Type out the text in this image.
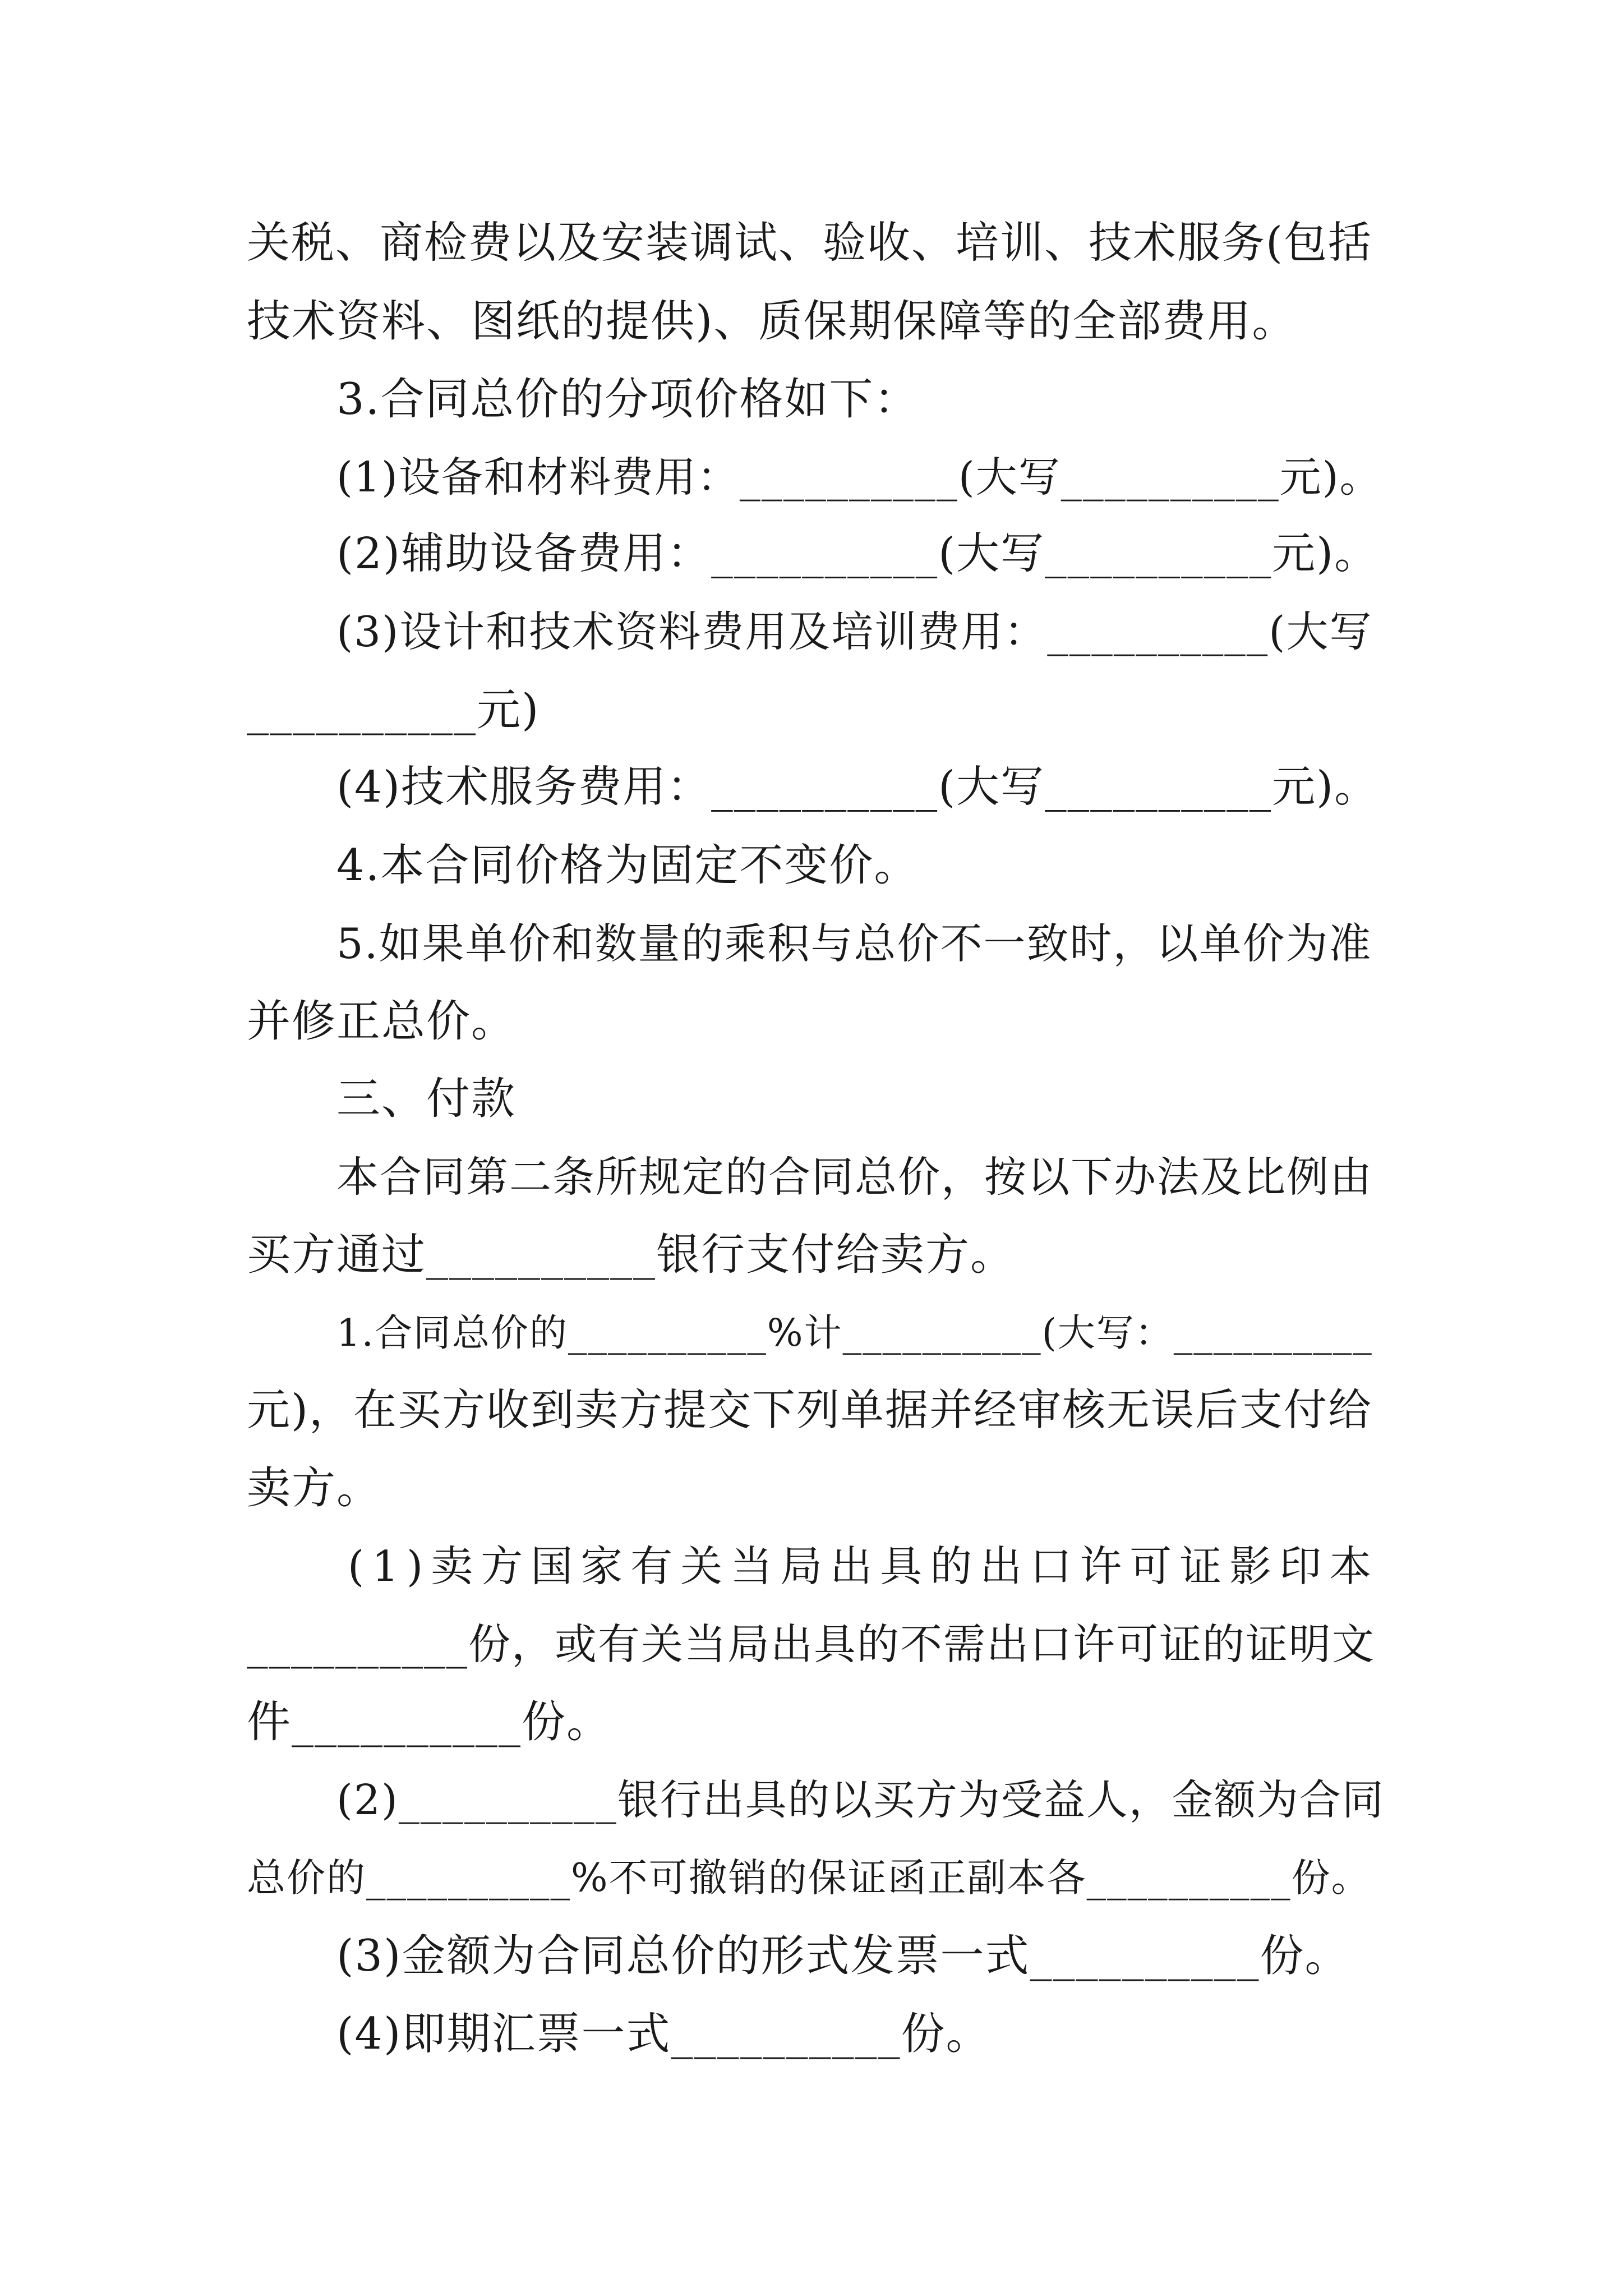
关税、商检费以及安装调试、验收、培训、技术服务(包括
技术资料、图纸的提供)、质保期保障等的全部费用。
3.合同总价的分项价格如下：
(1)设备和材料费用：__________(大写__________元)。
(2)辅助设备费用：__________(大写__________元)。
(3)设计和技术资料费用及培训费用：__________(大写
__________元)
(4)技术服务费用：__________(大写__________元)。
4.本合同价格为固定不变价。
5.如果单价和数量的乘积与总价不一致时，以单价为准
并修正总价。
三、付款
本合同第二条所规定的合同总价，按以下办法及比例由
买方通过__________银行支付给卖方。
1.合同总价的__________%计__________(大写：__________
元)，在买方收到卖方提交下列单据并经审核无误后支付给
卖方。
(1)卖方国家有关当局出具的出口许可证影印本
__________份，或有关当局出具的不需出口许可证的证明文
件__________份。
(2)__________银行出具的以买方为受益人，金额为合同
总价的__________%不可撤销的保证函正副本各__________份。
(3)金额为合同总价的形式发票一式__________份。
(4)即期汇票一式__________份。
